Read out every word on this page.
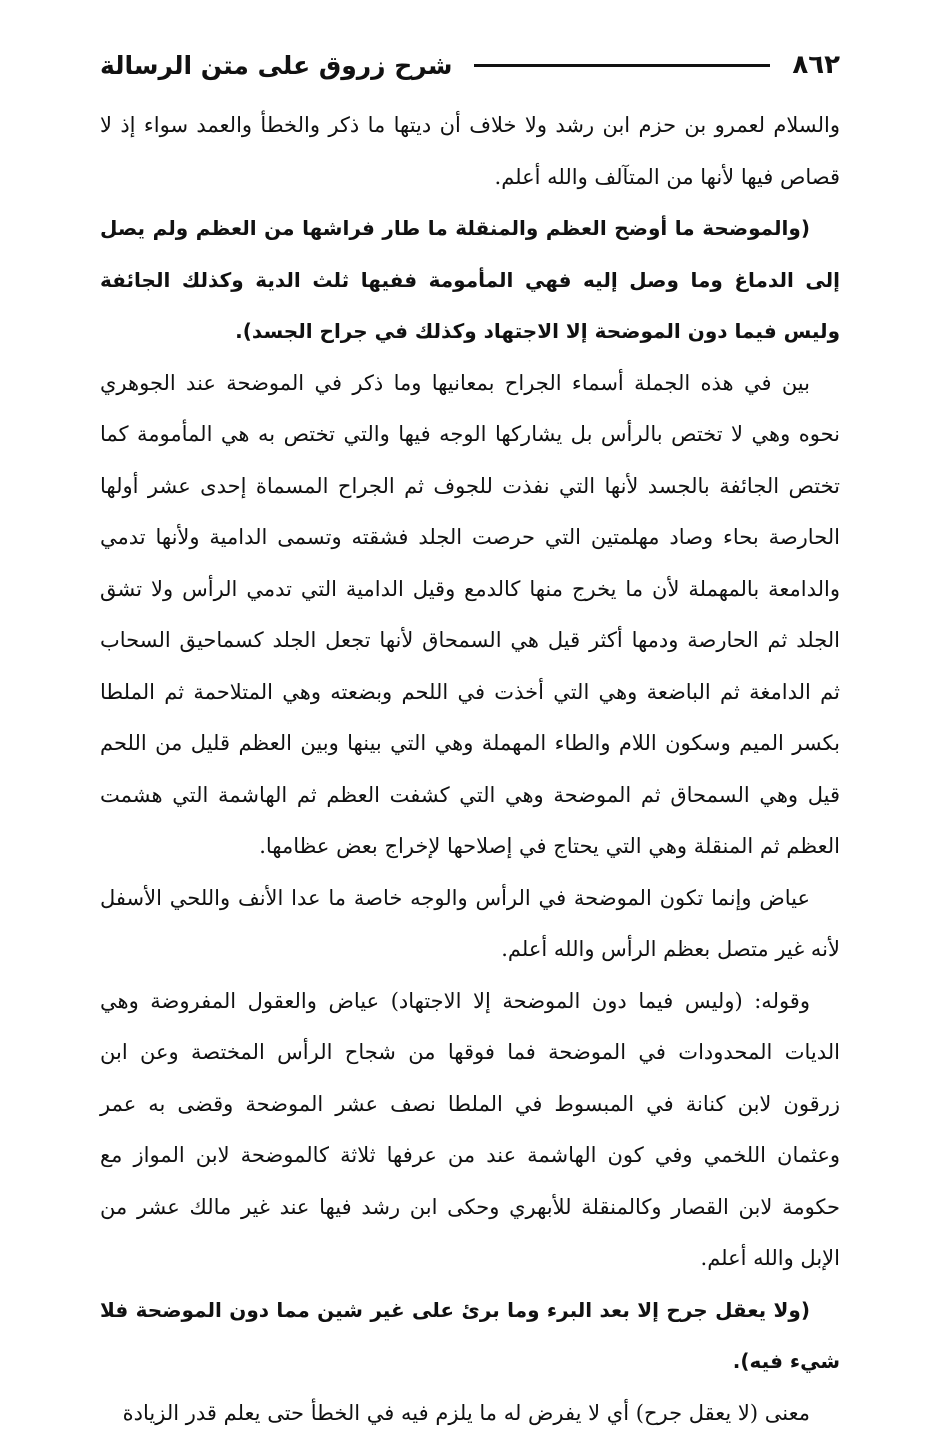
٨٦٢
شرح زروق على متن الرسالة

والسلام لعمرو بن حزم ابن رشد ولا خلاف أن ديتها ما ذكر والخطأ والعمد سواء إذ لا قصاص فيها لأنها من المتآلف والله أعلم.

(والموضحة ما أوضح العظم والمنقلة ما طار فراشها من العظم ولم يصل إلى الدماغ وما وصل إليه فهي المأمومة ففيها ثلث الدية وكذلك الجائفة وليس فيما دون الموضحة إلا الاجتهاد وكذلك في جراح الجسد).

بين في هذه الجملة أسماء الجراح بمعانيها وما ذكر في الموضحة عند الجوهري نحوه وهي لا تختص بالرأس بل يشاركها الوجه فيها والتي تختص به هي المأمومة كما تختص الجائفة بالجسد لأنها التي نفذت للجوف ثم الجراح المسماة إحدى عشر أولها الحارصة بحاء وصاد مهلمتين التي حرصت الجلد فشقته وتسمى الدامية ولأنها تدمي والدامعة بالمهملة لأن ما يخرج منها كالدمع وقيل الدامية التي تدمي الرأس ولا تشق الجلد ثم الحارصة ودمها أكثر قيل هي السمحاق لأنها تجعل الجلد كسماحيق السحاب ثم الدامغة ثم الباضعة وهي التي أخذت في اللحم وبضعته وهي المتلاحمة ثم الملطا بكسر الميم وسكون اللام والطاء المهملة وهي التي بينها وبين العظم قليل من اللحم قيل وهي السمحاق ثم الموضحة وهي التي كشفت العظم ثم الهاشمة التي هشمت العظم ثم المنقلة وهي التي يحتاج في إصلاحها لإخراج بعض عظامها.

عياض وإنما تكون الموضحة في الرأس والوجه خاصة ما عدا الأنف واللحي الأسفل لأنه غير متصل بعظم الرأس والله أعلم.

وقوله: (وليس فيما دون الموضحة إلا الاجتهاد) عياض والعقول المفروضة وهي الديات المحدودات في الموضحة فما فوقها من شجاح الرأس المختصة وعن ابن زرقون لابن كنانة في المبسوط في الملطا نصف عشر الموضحة وقضى به عمر وعثمان اللخمي وفي كون الهاشمة عند من عرفها ثلاثة كالموضحة لابن المواز مع حكومة لابن القصار وكالمنقلة للأبهري وحكى ابن رشد فيها عند غير مالك عشر من الإبل والله أعلم.

(ولا يعقل جرح إلا بعد البرء وما برئ على غير شين مما دون الموضحة فلا شيء فيه).

معنى (لا يعقل جرح) أي لا يفرض له ما يلزم فيه في الخطأ حتى يعلم قدر الزيادة
